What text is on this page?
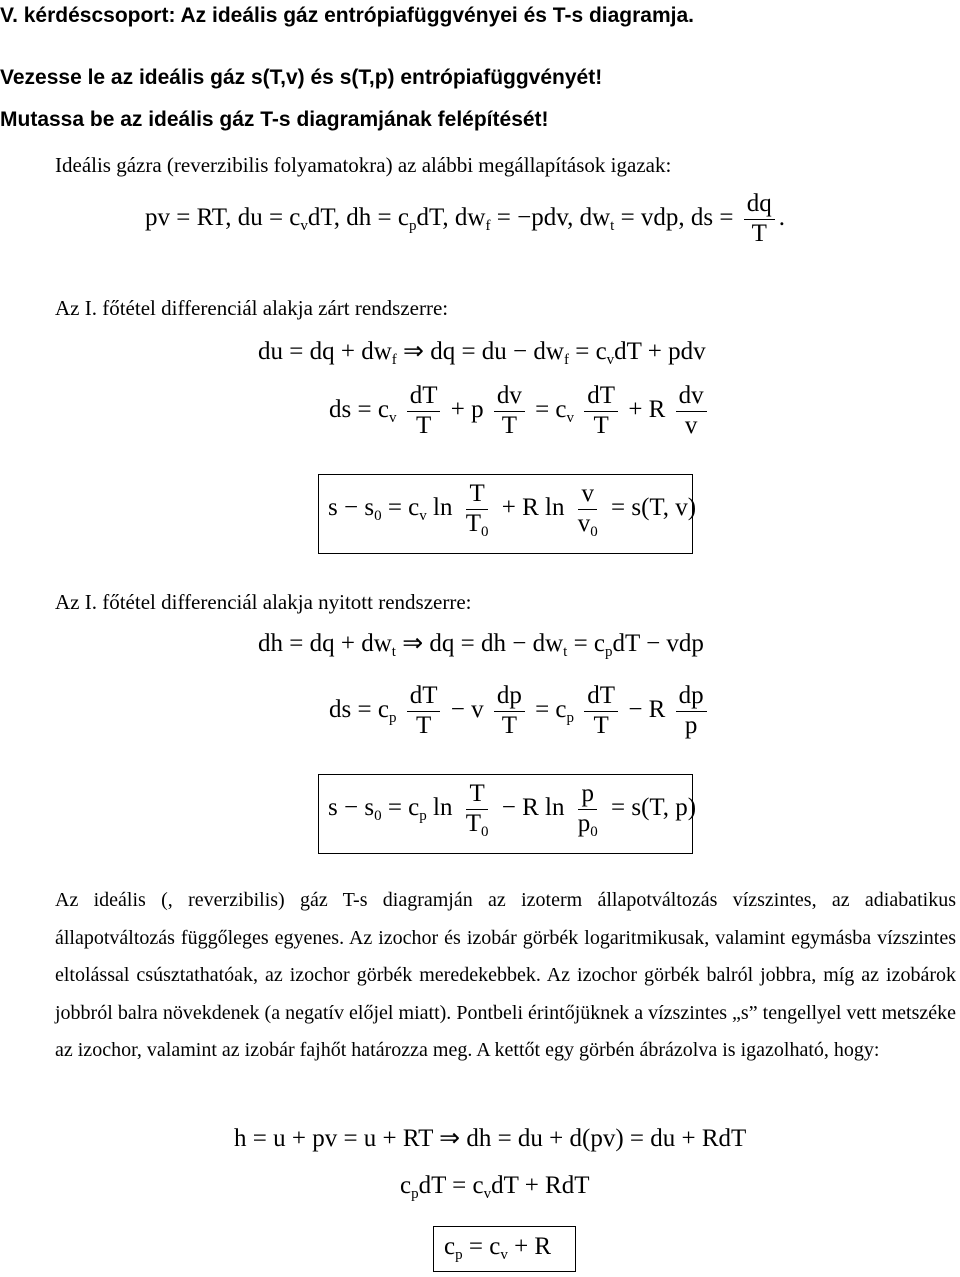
V. kérdéscsoport: Az ideális gáz entrópiafüggvényei és T-s diagramja.
Vezesse le az ideális gáz s(T,v) és s(T,p) entrópiafüggvényét!
Mutassa be az ideális gáz T-s diagramjának felépítését!
Ideális gázra (reverzibilis folyamatokra) az alábbi megállapítások igazak:
pv = RT, du = $c_vdT$, dh = $c_pdT$, $dw_f = -pdv$, $dw_t$ = vdp, ds = $\frac{dq}{T}$ .
Az I. főtétel differenciál alakja zárt rendszerre:
du = dq + $dw_f$ ⇒ dq = du − $dw_f = c_vdT$ + pdv
ds = $c_v \frac{dT}{T} + p \frac{dv}{T} = c_v \frac{dT}{T} + R \frac{dv}{v}$
$s - s_0 = c_v$ $\ln \frac{T}{T_0} + R$ $\ln \frac{v}{v_0} = s(T$, v)
Az I. főtétel differenciál alakja nyitott rendszerre:
dh = dq + $dw_t$ ⇒ dq = dh − $dw_t = c_pdT$ − vdp
ds = $c_p \frac{dT}{T} - v \frac{dp}{T} = c_p \frac{dT}{T} - R \frac{dp}{p}$
$s - s_0 = c_p$ $\ln \frac{T}{T_0} - R$ $\ln \frac{p}{p_0} = s(T$, p)
Az ideális (, reverzibilis) gáz T-s diagramján az izoterm állapotváltozás vízszintes, az adiabatikus állapotváltozás függőleges egyenes. Az izochor és izobár görbék logaritmikusak, valamint egymásba vízszintes eltolással csúsztathatóak, az izochor görbék meredekebbek. Az izochor görbék balról jobbra, míg az izobárok jobbról balra növekdenek (a negatív előjel miatt). Pontbeli érintőjüknek a vízszintes „s” tengellyel vett metszéke az izochor, valamint az izobár fajhőt határozza meg. A kettőt egy görbén ábrázolva is igazolható, hogy:
h = u + pv = u + RT ⇒ dh = du + d(pv) = du + RdT
$c_pdT = c_vdT$ + RdT
$c_p = c_v + R$
